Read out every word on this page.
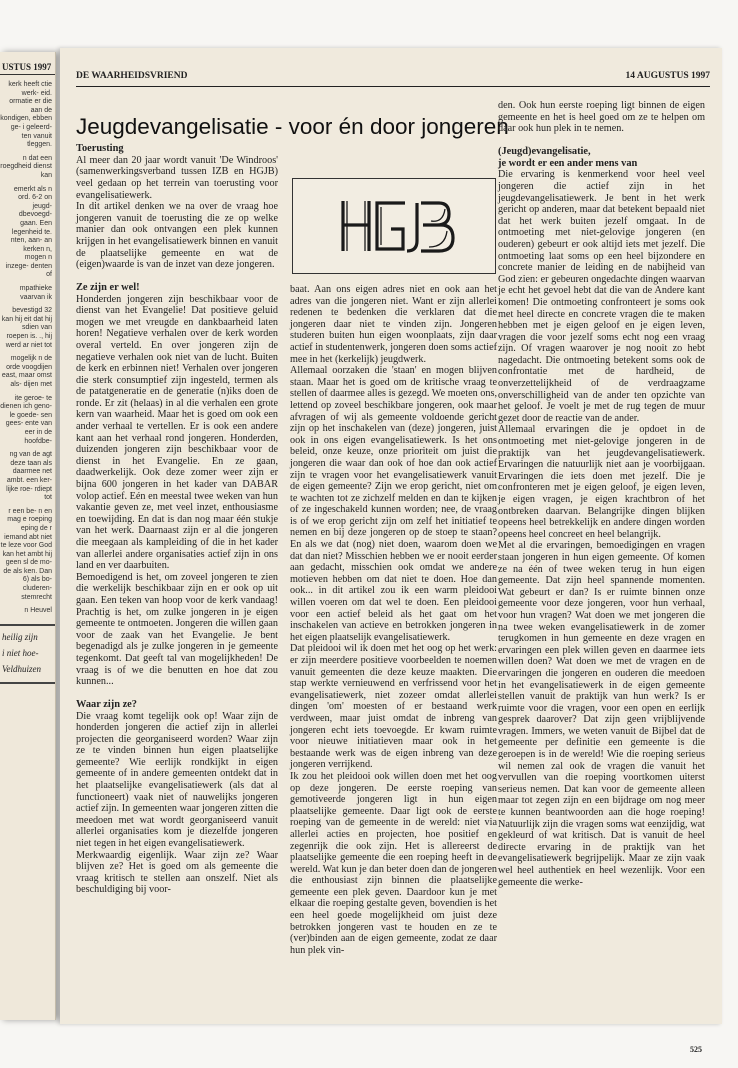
USTUS 1997

kerk heeft ctie werk- eid. ormatie er die aan de kondigen, ebben ge- i geleerd- ten vanuit tleggen.

n dat een roegdheid dienst kan

emerkt als n ord. 6-2 on jeugd- dbevoegd- gaan. Een legenheid te. nten, aan- an kerken n, mogen n inzege- denten of

mpathieke vaarvan ik

bevestigd 32 kan hij eit dat hij sdien van roepen is. ., hij werd ar niet tot

mogelijk n de orde voogdijen east, maar omst als- dijen met

ite geroe- te dienen ich geno- le goede- sen gees- ente van eer in de hoofdbe-

ng van de agt deze taan als daarmee net ambt. een ker- lijke roe- rdiept tot

r een be- n en mag e roeping eping de r iemand abt niet te leze voor God kan het ambt hij geen sl de mo- de als ken. Dan 6) als bo- cluderen- stemrecht

n Heuvel

heilig zijn

i niet hoe-

Veldhuizen

DE WAARHEIDSVRIEND	14 AUGUSTUS 1997
Jeugdevangelisatie - voor én door jongeren
Toerusting

Al meer dan 20 jaar wordt vanuit 'De Windroos' (samenwerkingsverband tussen IZB en HGJB) veel gedaan op het terrein van toerusting voor evangelisatiewerk.

In dit artikel denken we na over de vraag hoe jongeren vanuit de toerusting die ze op welke manier dan ook ontvangen een plek kunnen krijgen in het evangelisatiewerk binnen en vanuit de plaatselijke gemeente en wat de (eigen)waarde is van de inzet van deze jongeren.

Ze zijn er wel!

Honderden jongeren zijn beschikbaar voor de dienst van het Evangelie! Dat positieve geluid mogen we met vreugde en dankbaarheid laten horen! Negatieve verhalen over de kerk worden overal verteld. En over jongeren zijn de negatieve verhalen ook niet van de lucht. Buiten de kerk en erbinnen niet! Verhalen over jongeren die sterk consumptief zijn ingesteld, termen als de patatgeneratie en de generatie (n)iks doen de ronde. Er zit (helaas) in al die verhalen een grote kern van waarheid. Maar het is goed om ook een ander verhaal te vertellen. Er is ook een andere kant aan het verhaal rond jongeren. Honderden, duizenden jongeren zijn beschikbaar voor de dienst in het Evangelie. En ze gaan, daadwerkelijk. Ook deze zomer weer zijn er bijna 600 jongeren in het kader van DABAR volop actief. Eén en meestal twee weken van hun vakantie geven ze, met veel inzet, enthousiasme en toewijding. En dat is dan nog maar één stukje van het werk. Daarnaast zijn er al die jongeren die meegaan als kampleiding of die in het kader van allerlei andere organisaties actief zijn in ons land en ver daarbuiten.

Bemoedigend is het, om zoveel jongeren te zien die werkelijk beschikbaar zijn en er ook op uit gaan. Een teken van hoop voor de kerk vandaag! Prachtig is het, om zulke jongeren in je eigen gemeente te ontmoeten. Jongeren die willen gaan voor de zaak van het Evangelie. Je bent begenadigd als je zulke jongeren in je gemeente tegenkomt. Dat geeft tal van mogelijkheden! De vraag is of we die benutten en hoe dat zou kunnen...

Waar zijn ze?

Die vraag komt tegelijk ook op! Waar zijn de honderden jongeren die actief zijn in allerlei projecten die georganiseerd worden? Waar zijn ze te vinden binnen hun eigen plaatselijke gemeente? Wie eerlijk rondkijkt in eigen gemeente of in andere gemeenten ontdekt dat in het plaatselijke evangelisatiewerk (als dat al functioneert) vaak niet of nauwelijks jongeren actief zijn. In gemeenten waar jongeren zitten die meedoen met wat wordt georganiseerd vanuit allerlei organisaties kom je diezelfde jongeren niet tegen in het eigen evangelisatiewerk.

Merkwaardig eigenlijk. Waar zijn ze? Waar blijven ze? Het is goed om als gemeente die vraag kritisch te stellen aan onszelf. Niet als beschuldiging bij voor-

HGB

baat. Aan ons eigen adres niet en ook aan het adres van die jongeren niet. Want er zijn allerlei redenen te bedenken die verklaren dat die jongeren daar niet te vinden zijn. Jongeren studeren buiten hun eigen woonplaats, zijn daar actief in studentenwerk, jongeren doen soms actief mee in het (kerkelijk) jeugdwerk.

Allemaal oorzaken die 'staan' en mogen blijven staan. Maar het is goed om de kritische vraag te stellen of daarmee alles is gezegd. We moeten ons, lettend op zoveel beschikbare jongeren, ook maar afvragen of wij als gemeente voldoende gericht zijn op het inschakelen van (deze) jongeren, juist ook in ons eigen evangelisatiewerk. Is het ons beleid, onze keuze, onze prioriteit om juist die jongeren die waar dan ook of hoe dan ook actief zijn te vragen voor het evangelisatiewerk vanuit de eigen gemeente? Zijn we erop gericht, niet om te wachten tot ze zichzelf melden en dan te kijken of ze ingeschakeld kunnen worden; nee, de vraag is of we erop gericht zijn om zelf het initiatief te nemen en bij deze jongeren op de stoep te staan? En als we dat (nog) niet doen, waarom doen we dat dan niet? Misschien hebben we er nooit eerder aan gedacht, misschien ook omdat we andere motieven hebben om dat niet te doen. Hoe dan ook... in dit artikel zou ik een warm pleidooi willen voeren om dat wel te doen. Een pleidooi voor een actief beleid als het gaat om het inschakelen van actieve en betrokken jongeren in het eigen plaatselijk evangelisatiewerk.

Dat pleidooi wil ik doen met het oog op het werk: er zijn meerdere positieve voorbeelden te noemen vanuit gemeenten die deze keuze maakten. Die stap werkte vernieuwend en verfrissend voor het evangelisatiewerk, niet zozeer omdat allerlei dingen 'om' moesten of er bestaand werk verdween, maar juist omdat de inbreng van jongeren echt iets toevoegde. Er kwam ruimte voor nieuwe initiatieven maar ook in het bestaande werk was de eigen inbreng van deze jongeren verrijkend.

Ik zou het pleidooi ook willen doen met het oog op deze jongeren. De eerste roeping van gemotiveerde jongeren ligt in hun eigen plaatselijke gemeente. Daar ligt ook de eerste roeping van de gemeente in de wereld: niet via allerlei acties en projecten, hoe positief en zegenrijk die ook zijn. Het is allereerst de plaatselijke gemeente die een roeping heeft in de wereld. Wat kun je dan beter doen dan de jongeren die enthousiast zijn binnen die plaatselijke gemeente een plek geven. Daardoor kun je met elkaar die roeping gestalte geven, bovendien is het een heel goede mogelijkheid om juist deze betrokken jongeren vast te houden en ze te (ver)binden aan de eigen gemeente, zodat ze daar hun plek vin-

den. Ook hun eerste roeping ligt binnen de eigen gemeente en het is heel goed om ze te helpen om daar ook hun plek in te nemen.

(Jeugd)evangelisatie,
je wordt er een ander mens van

Die ervaring is kenmerkend voor heel veel jongeren die actief zijn in het jeugdevangelisatiewerk. Je bent in het werk gericht op anderen, maar dat betekent bepaald niet dat het werk buiten jezelf omgaat. In de ontmoeting met niet-gelovige jongeren (en ouderen) gebeurt er ook altijd iets met jezelf. Die ontmoeting laat soms op een heel bijzondere en concrete manier de leiding en de nabijheid van God zien: er gebeuren ongedachte dingen waarvan je echt het gevoel hebt dat die van de Andere kant komen! Die ontmoeting confronteert je soms ook met heel directe en concrete vragen die te maken hebben met je eigen geloof en je eigen leven, vragen die voor jezelf soms echt nog een vraag zijn. Of vragen waarover je nog nooit zo hebt nagedacht. Die ontmoeting betekent soms ook de confrontatie met de hardheid, de onverzettelijkheid of de verdraagzame onverschilligheid van de ander ten opzichte van het geloof. Je voelt je met de rug tegen de muur gezet door de reactie van de ander.

Allemaal ervaringen die je opdoet in de ontmoeting met niet-gelovige jongeren in de praktijk van het jeugdevangelisatiewerk. Ervaringen die natuurlijk niet aan je voorbijgaan. Ervaringen die iets doen met jezelf. Die je confronteren met je eigen geloof, je eigen leven, je eigen vragen, je eigen krachtbron of het ontbreken daarvan. Belangrijke dingen blijken opeens heel betrekkelijk en andere dingen worden opeens heel concreet en heel belangrijk.

Met al die ervaringen, bemoedigingen en vragen staan jongeren in hun eigen gemeente. Of komen ze na één of twee weken terug in hun eigen gemeente. Dat zijn heel spannende momenten. Wat gebeurt er dan? Is er ruimte binnen onze gemeente voor deze jongeren, voor hun verhaal, voor hun vragen? Wat doen we met jongeren die na twee weken evangelisatiewerk in de zomer terugkomen in hun gemeente en deze vragen en ervaringen een plek willen geven en daarmee iets willen doen? Wat doen we met de vragen en de ervaringen die jongeren en ouderen die meedoen in het evangelisatiewerk in de eigen gemeente stellen vanuit de praktijk van hun werk? Is er ruimte voor die vragen, voor een open en eerlijk gesprek daarover? Dat zijn geen vrijblijvende vragen. Immers, we weten vanuit de Bijbel dat de gemeente per definitie een gemeente is die geroepen is in de wereld! Wie die roeping serieus wil nemen zal ook de vragen die vanuit het vervullen van die roeping voortkomen uiterst serieus nemen. Dat kan voor de gemeente alleen maar tot zegen zijn en een bijdrage om nog meer te kunnen beantwoorden aan die hoge roeping! Natuurlijk zijn die vragen soms wat eenzijdig, wat gekleurd of wat kritisch. Dat is vanuit de heel directe ervaring in de praktijk van het evangelisatiewerk begrijpelijk. Maar ze zijn vaak wel heel authentiek en heel wezenlijk. Voor een gemeente die werke-

525
